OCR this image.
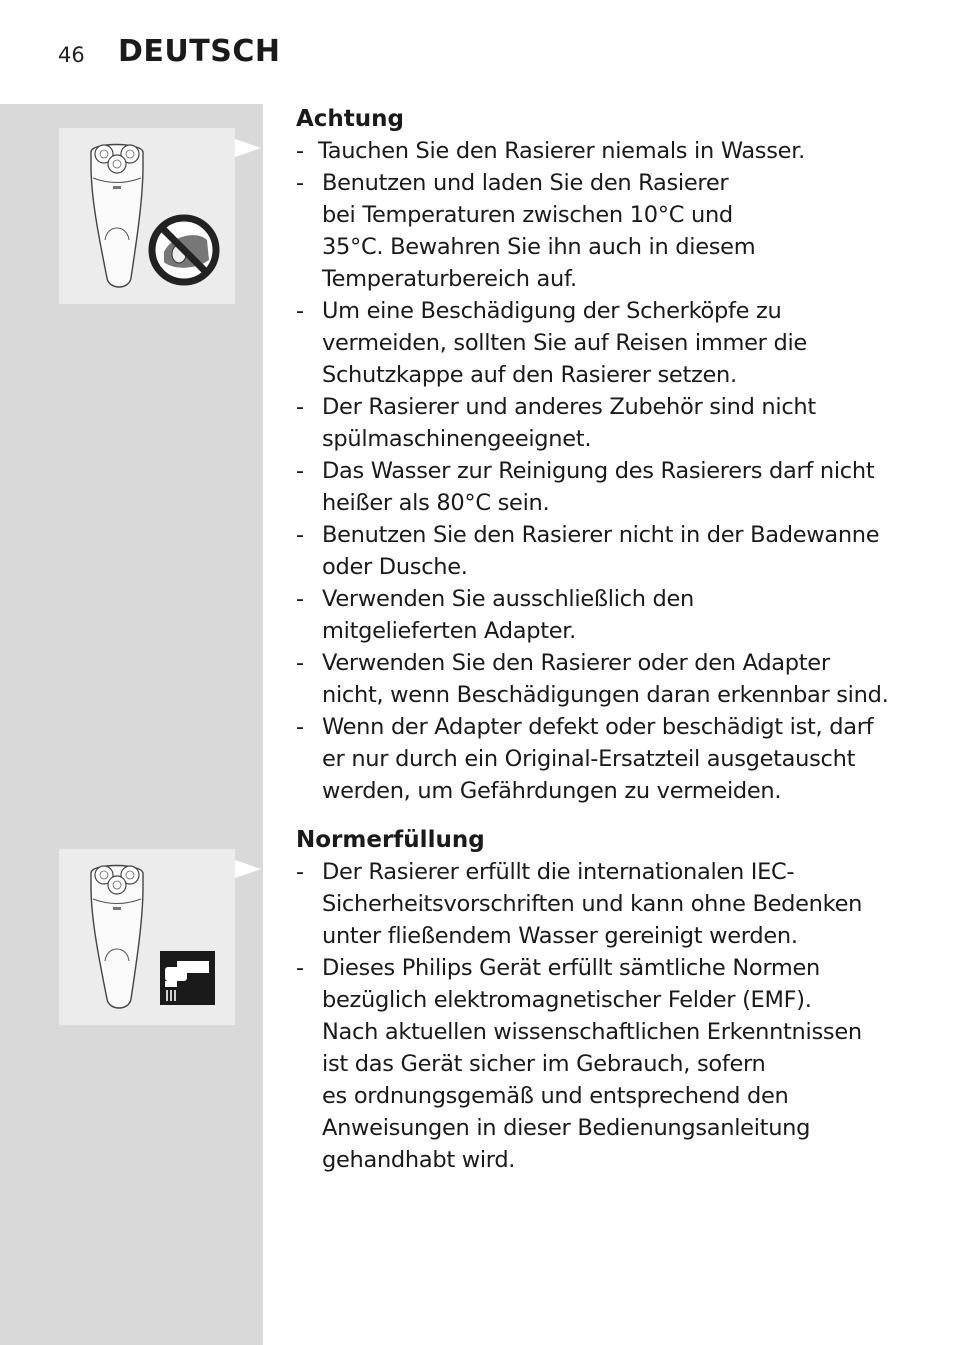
46 DEUTSCH
Achtung
- Tauchen Sie den Rasierer niemals in Wasser.
- Benutzen und laden Sie den Rasierer
bei Temperaturen zwischen 10°C und
35°C. Bewahren Sie ihn auch in diesem
Temperaturbereich auf.
- Um eine Beschädigung der Scherköpfe zu
vermeiden, sollten Sie auf Reisen immer die
Schutzkappe auf den Rasierer setzen.
- Der Rasierer und anderes Zubehör sind nicht
spülmaschinengeeignet.
- Das Wasser zur Reinigung des Rasierers darf nicht
heißer als 80°C sein.
- Benutzen Sie den Rasierer nicht in der Badewanne
oder Dusche.
- Verwenden Sie ausschließlich den
mitgelieferten Adapter.
- Verwenden Sie den Rasierer oder den Adapter
nicht, wenn Beschädigungen daran erkennbar sind.
- Wenn der Adapter defekt oder beschädigt ist, darf
er nur durch ein Original-Ersatzteil ausgetauscht
werden, um Gefährdungen zu vermeiden.
Normerfüllung
- Der Rasierer erfüllt die internationalen IEC-
Sicherheitsvorschriften und kann ohne Bedenken
unter fließendem Wasser gereinigt werden.
- Dieses Philips Gerät erfüllt sämtliche Normen
bezüglich elektromagnetischer Felder (EMF).
Nach aktuellen wissenschaftlichen Erkenntnissen
ist das Gerät sicher im Gebrauch, sofern
es ordnungsgemäß und entsprechend den
Anweisungen in dieser Bedienungsanleitung
gehandhabt wird.
